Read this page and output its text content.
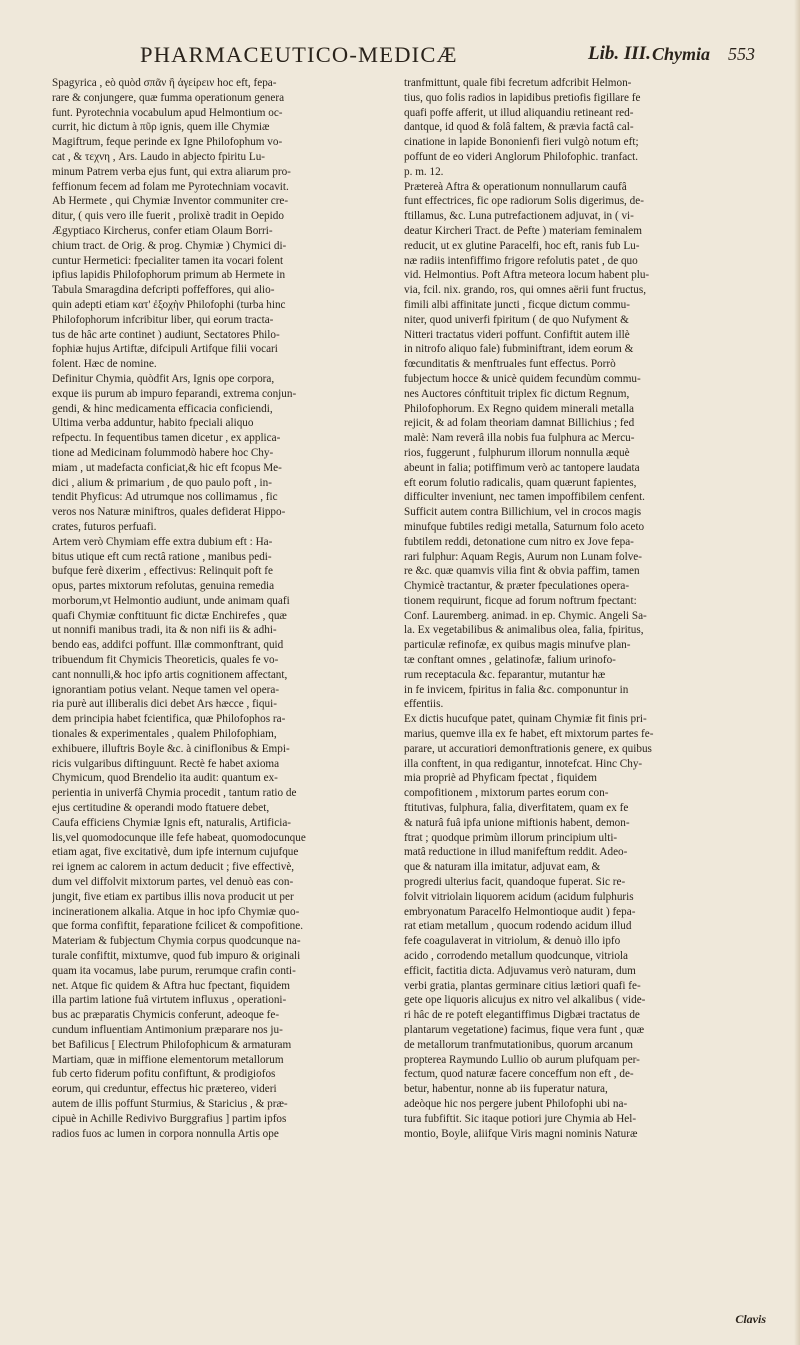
PHARMACEUTICO-MEDICÆ	Lib. III. Chymia 553
Spagyrica , eò quòd σπᾶν ἢ ἀγείρειν hoc eft, fepa-
rare & conjungere, quæ fumma operationum genera
funt. Pyrotechnia vocabulum apud Helmontium oc-
currit, hic dictum à πῦρ ignis, quem ille Chymiæ
Magiftrum, feque perinde ex Igne Philofophum vo-
cat , & τεχνη , Ars. Laudo in abjecto fpiritu Lu-
minum Patrem verba ejus funt, qui extra aliarum pro-
feffionum fecem ad folam me Pyrotechniam vocavit.
Ab Hermete , qui Chymiæ Inventor communiter cre-
ditur, ( quis vero ille fuerit , prolixè tradit in Oepido
Ægyptiaco Kircherus, confer etiam Olaum Borri-
chium tract. de Orig. & prog. Chymiæ ) Chymici di-
cuntur Hermetici: fpecialiter tamen ita vocari folent
ipfius lapidis Philofophorum primum ab Hermete in
Tabula Smaragdina defcripti poffeffores, qui alio-
quin adepti etiam κατ' ἐξοχὴν Philofophi (turba hinc
Philofophorum infcribitur liber, qui eorum tracta-
tus de hâc arte continet ) audiunt, Sectatores Philo-
fophiæ hujus Artiftæ, difcipuli Artifque filii vocari
folent. Hæc de nomine.
Definitur Chymia, quòdfit Ars, Ignis ope corpora,
exque iis purum ab impuro feparandi, extrema conjun-
gendi, & hinc medicamenta efficacia conficiendi,
Ultima verba adduntur, habito fpeciali aliquo
refpectu. In fequentibus tamen dicetur , ex applica-
tione ad Medicinam folummodò habere hoc Chy-
miam , ut madefacta conficiat,& hic eft fcopus Me-
dici , alium & primarium , de quo paulo poft , in-
tendit Phyficus: Ad utrumque nos collimamus , fic
veros nos Naturæ miniftros, quales defiderat Hippo-
crates, futuros perfuafi.
Artem verò Chymiam effe extra dubium eft : Ha-
bitus utique eft cum rectâ ratione , manibus pedi-
bufque ferè dixerim , effectivus: Relinquit poft fe
opus, partes mixtorum refolutas, genuina remedia
morborum,vt Helmontio audiunt, unde animam quafi
quafi Chymiæ conftituunt fic dictæ Enchirefes , quæ
ut nonnifi manibus tradi, ita & non nifi iis & adhi-
bendo eas, addifci poffunt. Illæ commonftrant, quid
tribuendum fit Chymicis Theoreticis, quales fe vo-
cant nonnulli,& hoc ipfo artis cognitionem affectant,
ignorantiam potius velant. Neque tamen vel opera-
ria purè aut illiberalis dici debet Ars hæcce , fiqui-
dem principia habet fcientifica, quæ Philofophos ra-
tionales & experimentales , qualem Philofophiam,
exhibuere, illuftris Boyle &c. à ciniflonibus & Empi-
ricis vulgaribus diftinguunt. Rectè fe habet axioma
Chymicum, quod Brendelio ita audit: quantum ex-
perientia in univerfâ Chymia procedit , tantum ratio de
ejus certitudine & operandi modo ftatuere debet,
Caufa efficiens Chymiæ Ignis eft, naturalis, Artificia-
lis,vel quomodocunque ille fefe habeat, quomodocunque
etiam agat, five excitativè, dum ipfe internum cujufque
rei ignem ac calorem in actum deducit ; five effectivè,
dum vel diffolvit mixtorum partes, vel denuò eas con-
jungit, five etiam ex partibus illis nova producit ut per
incinerationem alkalia. Atque in hoc ipfo Chymiæ quo-
que forma confiftit, feparatione fcilicet & compofitione.
Materiam & fubjectum Chymia corpus quodcunque na-
turale confiftit, mixtumve, quod fub impuro & originali
quam ita vocamus, labe purum, rerumque crafin conti-
net. Atque fic quidem & Aftra huc fpectant, fiquidem
illa partim latione fuâ virtutem influxus , operationi-
bus ac præparatis Chymicis conferunt, adeoque fe-
cundum influentiam Antimonium præparare nos ju-
bet Bafilicus [ Electrum Philofophicum & armaturam
Martiam, quæ in miffione elementorum metallorum
fub certo fiderum pofitu confiftunt, & prodigiofos
eorum, qui creduntur, effectus hic prætereo, videri
autem de illis poffunt Sturmius, & Staricius , & præ-
cipuè in Achille Redivivo Burggrafius ] partim ipfos
radios fuos ac lumen in corpora nonnulla Artis ope
tranfmittunt, quale fibi fecretum adfcribit Helmon-
tius, quo folis radios in lapidibus pretiofis figillare fe
quafi poffe afferit, ut illud aliquandiu retineant red-
dantque, id quod & folâ faltem, & prævia factâ cal-
cinatione in lapide Bononienfi fieri vulgò notum eft;
poffunt de eo videri Anglorum Philofophic. tranfact.
p. m. 12.
Prætereà Aftra & operationum nonnullarum caufâ
funt effectrices, fic ope radiorum Solis digerimus, de-
ftillamus, &c. Luna putrefactionem adjuvat, in ( vi-
deatur Kircheri Tract. de Pefte ) materiam feminalem
reducit, ut ex glutine Paracelfi, hoc eft, ranis fub Lu-
næ radiis intenfiffimo frigore refolutis patet , de quo
vid. Helmontius. Poft Aftra meteora locum habent plu-
via, fcil. nix. grando, ros, qui omnes aërii funt fructus,
fimili albi affinitate juncti , ficque dictum commu-
niter, quod univerfi fpiritum ( de quo Nufyment &
Nitteri tractatus videri poffunt. Confiftit autem illè
in nitrofo aliquo fale) fubminiftrant, idem eorum &
fœcunditatis & menftruales funt effectus. Porrò
fubjectum hocce & unicè quidem fecundùm commu-
nes Auctores cónftituit triplex fic dictum Regnum,
Philofophorum. Ex Regno quidem minerali metalla
rejicit, & ad folam theoriam damnat Billichius ; fed
malè: Nam reverâ illa nobis fua fulphura ac Mercu-
rios, fuggerunt , fulphurum illorum nonnulla æquè
abeunt in falia; potiffimum verò ac tantopere laudata
eft eorum folutio radicalis, quam quærunt fapientes,
difficulter inveniunt, nec tamen impoffibilem cenfent.
Sufficit autem contra Billichium, vel in crocos magis
minufque fubtiles redigi metalla, Saturnum folo aceto
fubtilem reddi, detonatione cum nitro ex Jove fepa-
rari fulphur: Aquam Regis, Aurum non Lunam folve-
re &c. quæ quamvis vilia fint & obvia paffim, tamen
Chymicè tractantur, & præter fpeculationes opera-
tionem requirunt, ficque ad forum noftrum fpectant:
Conf. Lauremberg. animad. in ep. Chymic. Angeli Sa-
la. Ex vegetabilibus & animalibus olea, falia, fpiritus,
particulæ refinofæ, ex quibus magis minufve plan-
tæ conftant omnes , gelatinofæ, falium urinofo-
rum receptacula &c. feparantur, mutantur hæ
in fe invicem, fpiritus in falia &c. componuntur in
effentiis.
Ex dictis hucufque patet, quinam Chymiæ fit finis pri-
marius, quemve illa ex fe habet, eft mixtorum partes fe-
parare, ut accuratiori demonftrationis genere, ex quibus
illa conftent, in qua redigantur, innotefcat. Hinc Chy-
mia propriè ad Phyficam fpectat , fiquidem
compofitionem , mixtorum partes eorum con-
ftitutivas, fulphura, falia, diverfitatem, quam ex fe
& naturâ fuâ ipfa unione miftionis habent, demon-
ftrat ; quodque primùm illorum principium ulti-
matâ reductione in illud manifeftum reddit. Adeo-
que & naturam illa imitatur, adjuvat eam, &
progredi ulterius facit, quandoque fuperat. Sic re-
folvit vitriolain liquorem acidum (acidum fulphuris
embryonatum Paracelfo Helmontioque audit ) fepa-
rat etiam metallum , quocum rodendo acidum illud
fefe coagulaverat in vitriolum, & denuò illo ipfo
acido , corrodendo metallum quodcunque, vitriola
efficit, factitia dicta. Adjuvamus verò naturam, dum
verbi gratia, plantas germinare citius lætiori quafi fe-
gete ope liquoris alicujus ex nitro vel alkalibus ( vide-
ri hâc de re poteft elegantiffimus Digbæi tractatus de
plantarum vegetatione) facimus, fique vera funt , quæ
de metallorum tranfmutationibus, quorum arcanum
propterea Raymundo Lullio ob aurum plufquam per-
fectum, quod naturæ facere conceffum non eft , de-
betur, habentur, nonne ab iis fuperatur natura,
adeòque hic nos pergere jubent Philofophi ubi na-
tura fubfiftit. Sic itaque potiori jure Chymia ab Hel-
montio, Boyle, aliifque Viris magni nominis Naturæ
Clavis
